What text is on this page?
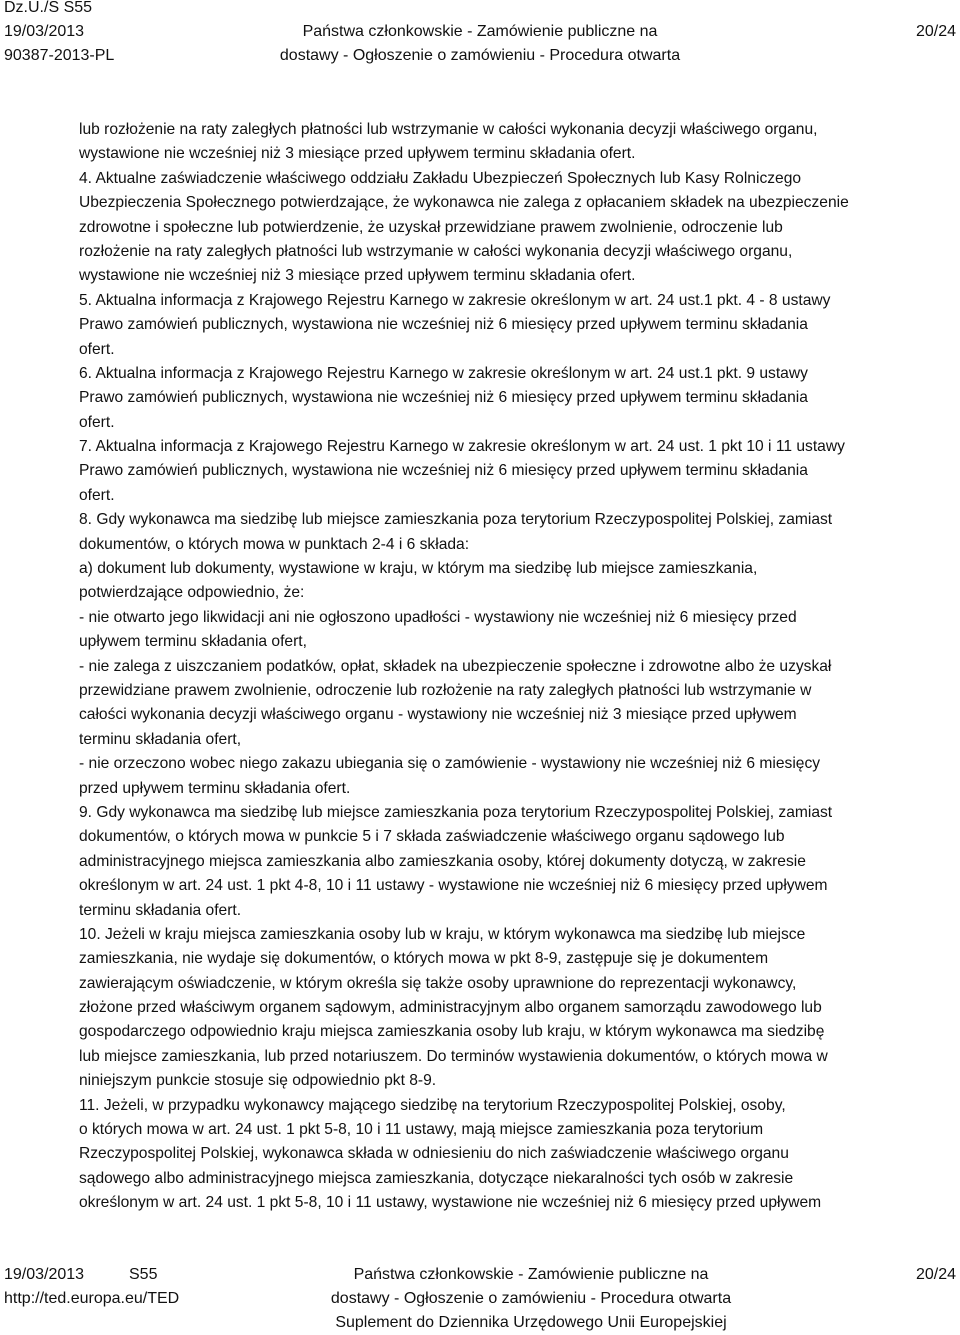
Dz.U./S S55
19/03/2013
90387-2013-PL
Państwa członkowskie - Zamówienie publiczne na
dostawy - Ogłoszenie o zamówieniu - Procedura otwarta
20/24
lub rozłożenie na raty zaległych płatności lub wstrzymanie w całości wykonania decyzji właściwego organu,
wystawione nie wcześniej niż 3 miesiące przed upływem terminu składania ofert.
4. Aktualne zaświadczenie właściwego oddziału Zakładu Ubezpieczeń Społecznych lub Kasy Rolniczego
Ubezpieczenia Społecznego potwierdzające, że wykonawca nie zalega z opłacaniem składek na ubezpieczenie
zdrowotne i społeczne lub potwierdzenie, że uzyskał przewidziane prawem zwolnienie, odroczenie lub
rozłożenie na raty zaległych płatności lub wstrzymanie w całości wykonania decyzji właściwego organu,
wystawione nie wcześniej niż 3 miesiące przed upływem terminu składania ofert.
5. Aktualna informacja z Krajowego Rejestru Karnego w zakresie określonym w art. 24 ust.1 pkt. 4 - 8 ustawy
Prawo zamówień publicznych, wystawiona nie wcześniej niż 6 miesięcy przed upływem terminu składania
ofert.
6. Aktualna informacja z Krajowego Rejestru Karnego w zakresie określonym w art. 24 ust.1 pkt. 9 ustawy
Prawo zamówień publicznych, wystawiona nie wcześniej niż 6 miesięcy przed upływem terminu składania
ofert.
7. Aktualna informacja z Krajowego Rejestru Karnego w zakresie określonym w art. 24 ust. 1 pkt 10 i 11 ustawy
Prawo zamówień publicznych, wystawiona nie wcześniej niż 6 miesięcy przed upływem terminu składania
ofert.
8. Gdy wykonawca ma siedzibę lub miejsce zamieszkania poza terytorium Rzeczypospolitej Polskiej, zamiast
dokumentów, o których mowa w punktach 2-4 i 6 składa:
a) dokument lub dokumenty, wystawione w kraju, w którym ma siedzibę lub miejsce zamieszkania,
potwierdzające odpowiednio, że:
- nie otwarto jego likwidacji ani nie ogłoszono upadłości - wystawiony nie wcześniej niż 6 miesięcy przed
upływem terminu składania ofert,
- nie zalega z uiszczaniem podatków, opłat, składek na ubezpieczenie społeczne i zdrowotne albo że uzyskał
przewidziane prawem zwolnienie, odroczenie lub rozłożenie na raty zaległych płatności lub wstrzymanie w
całości wykonania decyzji właściwego organu - wystawiony nie wcześniej niż 3 miesiące przed upływem
terminu składania ofert,
- nie orzeczono wobec niego zakazu ubiegania się o zamówienie - wystawiony nie wcześniej niż 6 miesięcy
przed upływem terminu składania ofert.
9. Gdy wykonawca ma siedzibę lub miejsce zamieszkania poza terytorium Rzeczypospolitej Polskiej, zamiast
dokumentów, o których mowa w punkcie 5 i 7 składa zaświadczenie właściwego organu sądowego lub
administracyjnego miejsca zamieszkania albo zamieszkania osoby, której dokumenty dotyczą, w zakresie
określonym w art. 24 ust. 1 pkt 4-8, 10 i 11 ustawy - wystawione nie wcześniej niż 6 miesięcy przed upływem
terminu składania ofert.
10. Jeżeli w kraju miejsca zamieszkania osoby lub w kraju, w którym wykonawca ma siedzibę lub miejsce
zamieszkania, nie wydaje się dokumentów, o których mowa w pkt 8-9, zastępuje się je dokumentem
zawierającym oświadczenie, w którym określa się także osoby uprawnione do reprezentacji wykonawcy,
złożone przed właściwym organem sądowym, administracyjnym albo organem samorządu zawodowego lub
gospodarczego odpowiednio kraju miejsca zamieszkania osoby lub kraju, w którym wykonawca ma siedzibę
lub miejsce zamieszkania, lub przed notariuszem. Do terminów wystawienia dokumentów, o których mowa w
niniejszym punkcie stosuje się odpowiednio pkt 8-9.
11. Jeżeli, w przypadku wykonawcy mającego siedzibę na terytorium Rzeczypospolitej Polskiej, osoby,
o których mowa w art. 24 ust. 1 pkt 5-8, 10 i 11 ustawy, mają miejsce zamieszkania poza terytorium
Rzeczypospolitej Polskiej, wykonawca składa w odniesieniu do nich zaświadczenie właściwego organu
sądowego albo administracyjnego miejsca zamieszkania, dotyczące niekaralności tych osób w zakresie
określonym w art. 24 ust. 1 pkt 5-8, 10 i 11 ustawy, wystawione nie wcześniej niż 6 miesięcy przed upływem
19/03/2013	S55
http://ted.europa.eu/TED
Państwa członkowskie - Zamówienie publiczne na
dostawy - Ogłoszenie o zamówieniu - Procedura otwarta
Suplement do Dziennika Urzędowego Unii Europejskiej
20/24
